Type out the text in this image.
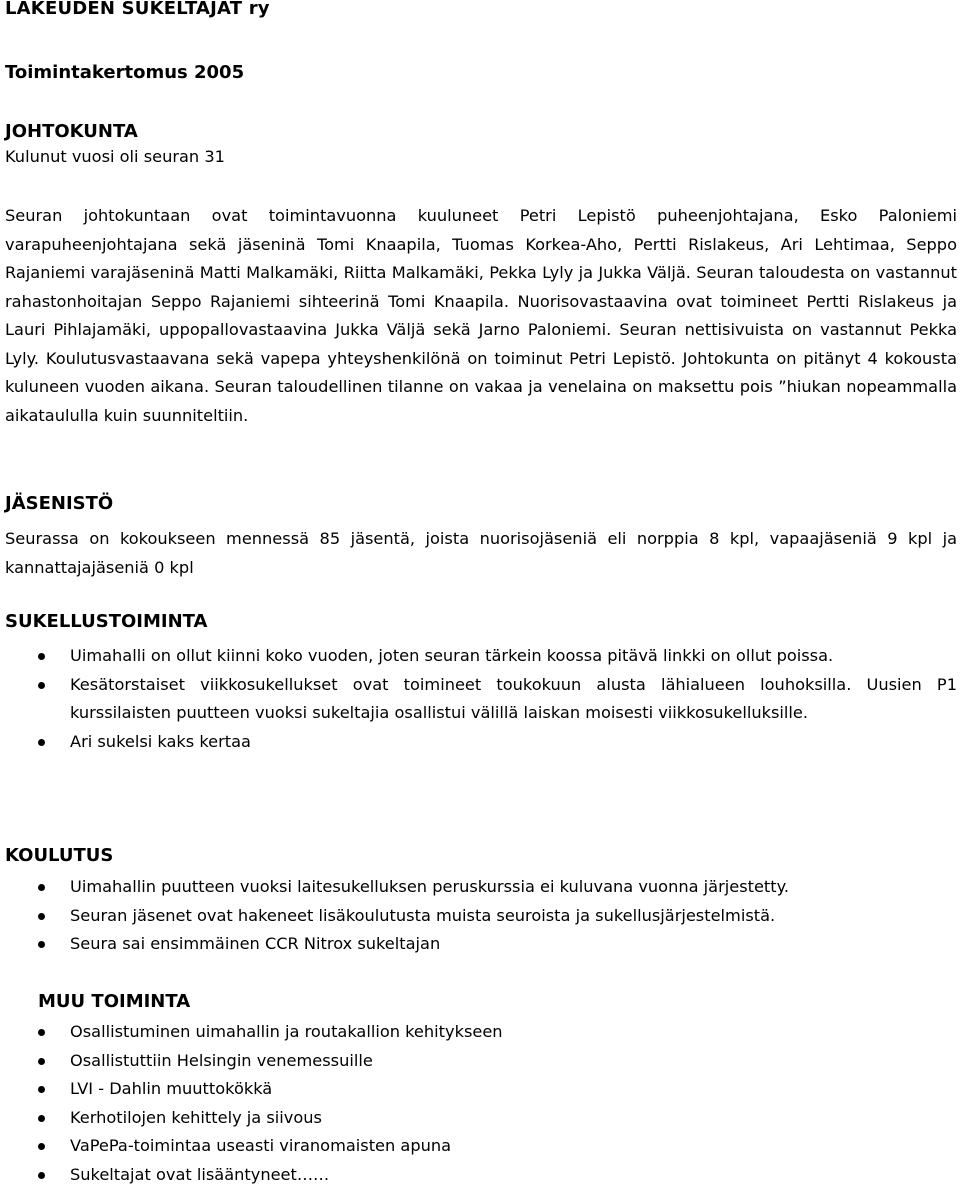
LAKEUDEN SUKELTAJAT ry
Toimintakertomus 2005
JOHTOKUNTA
Kulunut vuosi oli seuran 31
Seuran johtokuntaan ovat toimintavuonna kuuluneet Petri Lepistö puheenjohtajana, Esko Paloniemi varapuheenjohtajana sekä jäseninä Tomi Knaapila, Tuomas Korkea-Aho, Pertti Rislakeus, Ari Lehtimaa, Seppo Rajaniemi varajäseninä Matti Malkamäki, Riitta Malkamäki, Pekka Lyly ja Jukka Väljä. Seuran taloudesta on vastannut rahastonhoitajan Seppo Rajaniemi sihteerinä Tomi Knaapila. Nuorisovastaavina ovat toimineet Pertti Rislakeus ja Lauri Pihlajamäki, uppopallovastaavina Jukka Väljä sekä Jarno Paloniemi. Seuran nettisivuista on vastannut Pekka Lyly. Koulutusvastaavana sekä vapepa yhteyshenkilönä on toiminut Petri Lepistö. Johtokunta on pitänyt 4 kokousta kuluneen vuoden aikana. Seuran taloudellinen tilanne on vakaa ja venelaina on maksettu pois ”hiukan nopeammalla aikataululla kuin suunniteltiin.
JÄSENISTÖ
Seurassa on kokoukseen mennessä 85 jäsentä, joista nuorisojäseniä eli norppia 8 kpl, vapaajäseniä 9 kpl ja kannattajajäseniä 0 kpl
SUKELLUSTOIMINTA
Uimahalli on ollut kiinni koko vuoden, joten seuran tärkein koossa pitävä linkki on ollut poissa.
Kesätorstaiset viikkosukellukset ovat toimineet toukokuun alusta lähialueen louhoksilla. Uusien P1 kurssilaisten puutteen vuoksi sukeltajia osallistui välillä laiskan moisesti viikkosukelluksille.
Ari sukelsi kaks kertaa
KOULUTUS
Uimahallin puutteen vuoksi laitesukelluksen peruskurssia ei kuluvana vuonna järjestetty.
Seuran jäsenet ovat hakeneet lisäkoulutusta muista seuroista ja sukellusjärjestelmistä.
Seura sai ensimmäinen CCR Nitrox sukeltajan
MUU TOIMINTA
Osallistuminen uimahallin ja routakallion kehitykseen
Osallistuttiin Helsingin venemessuille
LVI - Dahlin muuttokökkä
Kerhotilojen kehittely ja siivous
VaPePa-toimintaa useasti viranomaisten apuna
Sukeltajat ovat lisääntyneet……
